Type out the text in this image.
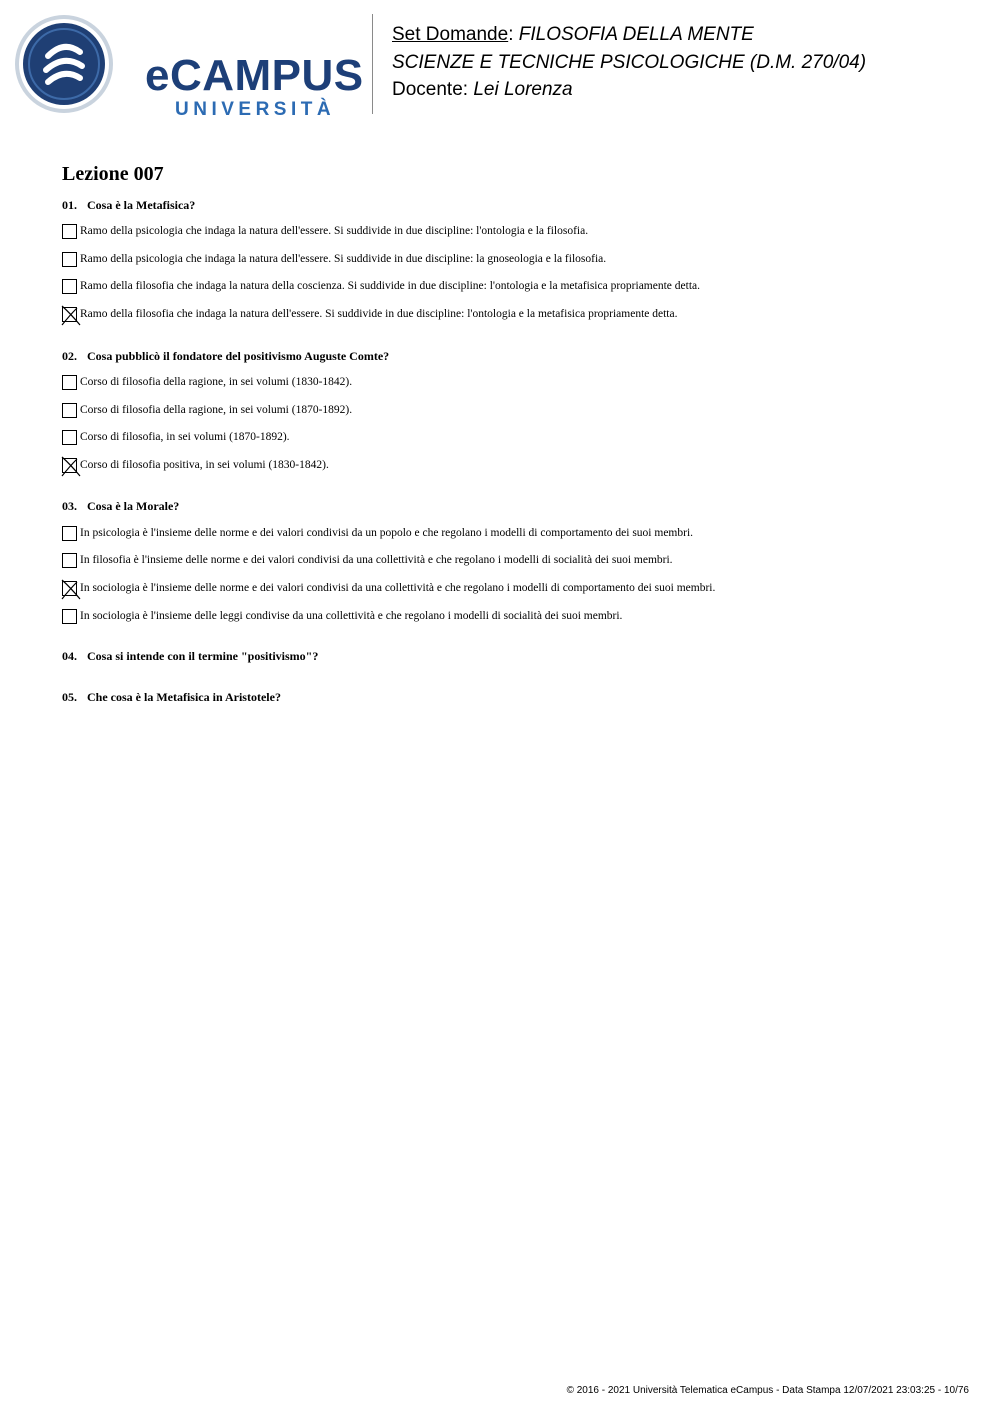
eCAMPUS
UNIVERSITÀ
Set Domande: FILOSOFIA DELLA MENTE
SCIENZE E TECNICHE PSICOLOGICHE (D.M. 270/04)
Docente: Lei Lorenza
Lezione 007
01. Cosa è la Metafisica?
Ramo della psicologia che indaga la natura dell'essere. Si suddivide in due discipline: l'ontologia e la filosofia.
Ramo della psicologia che indaga la natura dell'essere. Si suddivide in due discipline: la gnoseologia e la filosofia.
Ramo della filosofia che indaga la natura della coscienza. Si suddivide in due discipline: l'ontologia e la metafisica propriamente detta.
Ramo della filosofia che indaga la natura dell'essere. Si suddivide in due discipline: l'ontologia e la metafisica propriamente detta.
02. Cosa pubblicò il fondatore del positivismo Auguste Comte?
Corso di filosofia della ragione, in sei volumi (1830-1842).
Corso di filosofia della ragione, in sei volumi (1870-1892).
Corso di filosofia, in sei volumi (1870-1892).
Corso di filosofia positiva, in sei volumi (1830-1842).
03. Cosa è la Morale?
In psicologia è l'insieme delle norme e dei valori condivisi da un popolo e che regolano i modelli di comportamento dei suoi membri.
In filosofia è l'insieme delle norme e dei valori condivisi da una collettività e che regolano i modelli di socialità dei suoi membri.
In sociologia è l'insieme delle norme e dei valori condivisi da una collettività e che regolano i modelli di comportamento dei suoi membri.
In sociologia è l'insieme delle leggi condivise da una collettività e che regolano i modelli di socialità dei suoi membri.
04. Cosa si intende con il termine "positivismo"?
05. Che cosa è la Metafisica in Aristotele?
© 2016 - 2021 Università Telematica eCampus - Data Stampa 12/07/2021 23:03:25 - 10/76
